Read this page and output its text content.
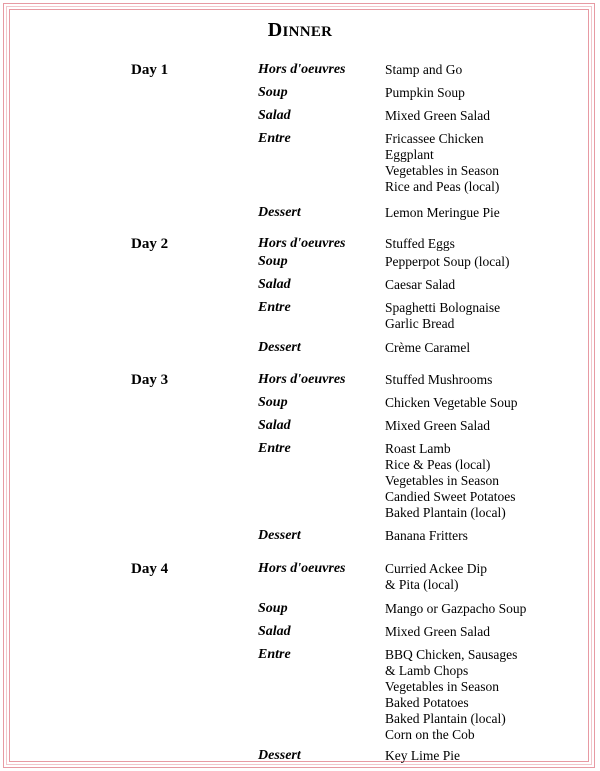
DINNER
Day 1	Hors d'oeuvres	Stamp and Go
Soup	Pumpkin Soup
Salad	Mixed Green Salad
Entre	Fricassee Chicken
Eggplant
Vegetables in Season
Rice and Peas (local)
Dessert	Lemon Meringue Pie
Day 2	Hors d'oeuvres	Stuffed Eggs
Soup	Pepperpot Soup (local)
Salad	Caesar Salad
Entre	Spaghetti Bolognaise
Garlic Bread
Dessert	Crème Caramel
Day 3	Hors d'oeuvres	Stuffed Mushrooms
Soup	Chicken Vegetable Soup
Salad	Mixed Green Salad
Entre	Roast Lamb
Rice & Peas (local)
Vegetables in Season
Candied Sweet Potatoes
Baked Plantain (local)
Dessert	Banana Fritters
Day 4	Hors d'oeuvres	Curried Ackee Dip
& Pita (local)
Soup	Mango or Gazpacho Soup
Salad	Mixed Green Salad
Entre	BBQ Chicken, Sausages
& Lamb Chops
Vegetables in Season
Baked Potatoes
Baked Plantain (local)
Corn on the Cob
Dessert	Key Lime Pie
